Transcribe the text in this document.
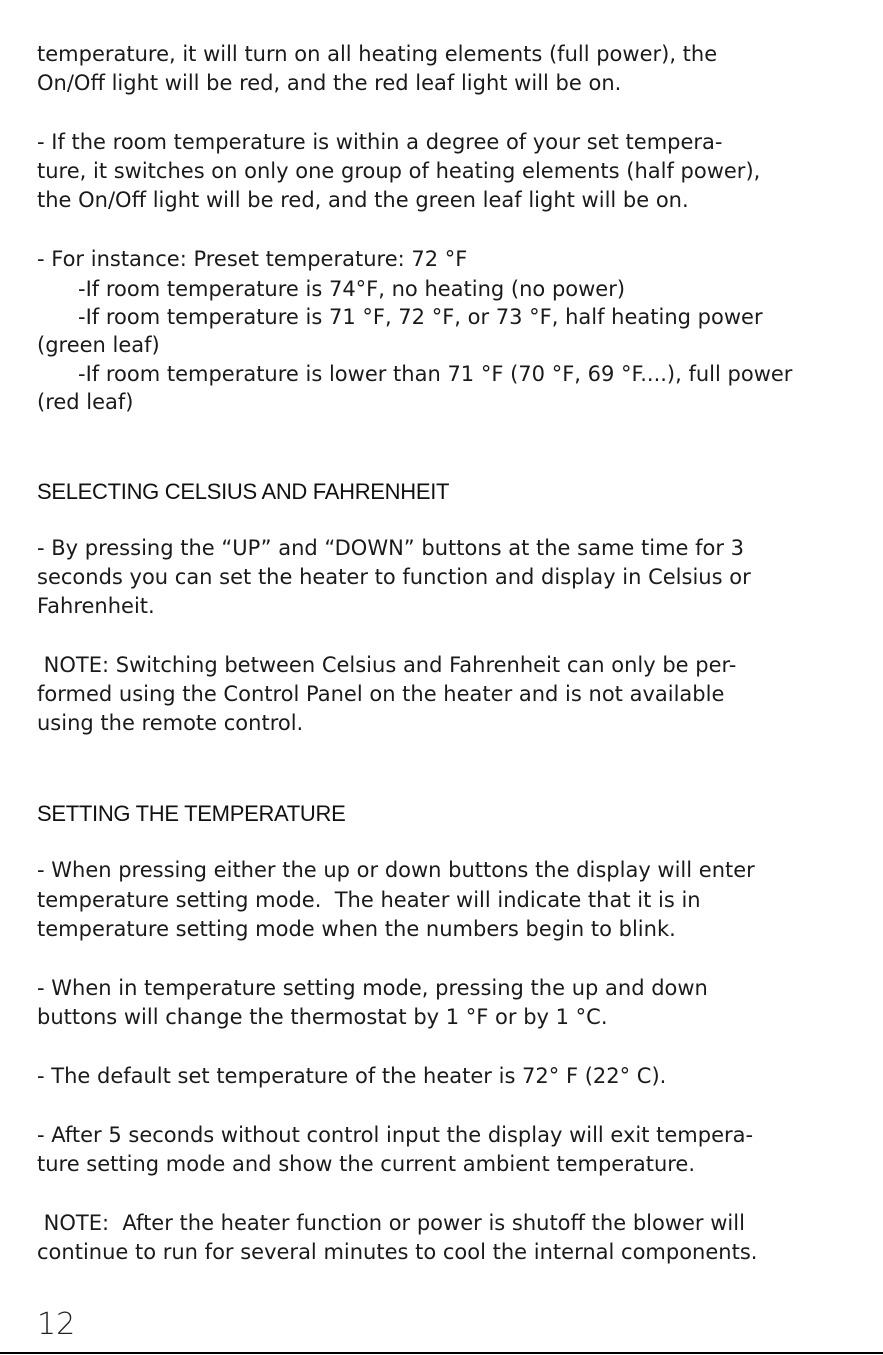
temperature, it will turn on all heating elements (full power), the

On/Off light will be red, and the red leaf light will be on.

- If the room temperature is within a degree of your set tempera-

ture, it switches on only one group of heating elements (half power),

the On/Off light will be red, and the green leaf light will be on.

- For instance: Preset temperature: 72 °F

-If room temperature is 74°F, no heating (no power)

-If room temperature is 71 °F, 72 °F, or 73 °F, half heating power

(green leaf)

-If room temperature is lower than 71 °F (70 °F, 69 °F....), full power

(red leaf)

SELECTING CELSIUS AND FAHRENHEIT

- By pressing the “UP” and “DOWN” buttons at the same time for 3

seconds you can set the heater to function and display in Celsius or

Fahrenheit.

NOTE: Switching between Celsius and Fahrenheit can only be per-

formed using the Control Panel on the heater and is not available

using the remote control.

SETTING THE TEMPERATURE

- When pressing either the up or down buttons the display will enter

temperature setting mode.  The heater will indicate that it is in

temperature setting mode when the numbers begin to blink.

- When in temperature setting mode, pressing the up and down

buttons will change the thermostat by 1 °F or by 1 °C.

- The default set temperature of the heater is 72° F (22° C).

- After 5 seconds without control input the display will exit tempera-

ture setting mode and show the current ambient temperature.

NOTE:  After the heater function or power is shutoff the blower will

continue to run for several minutes to cool the internal components.

12
